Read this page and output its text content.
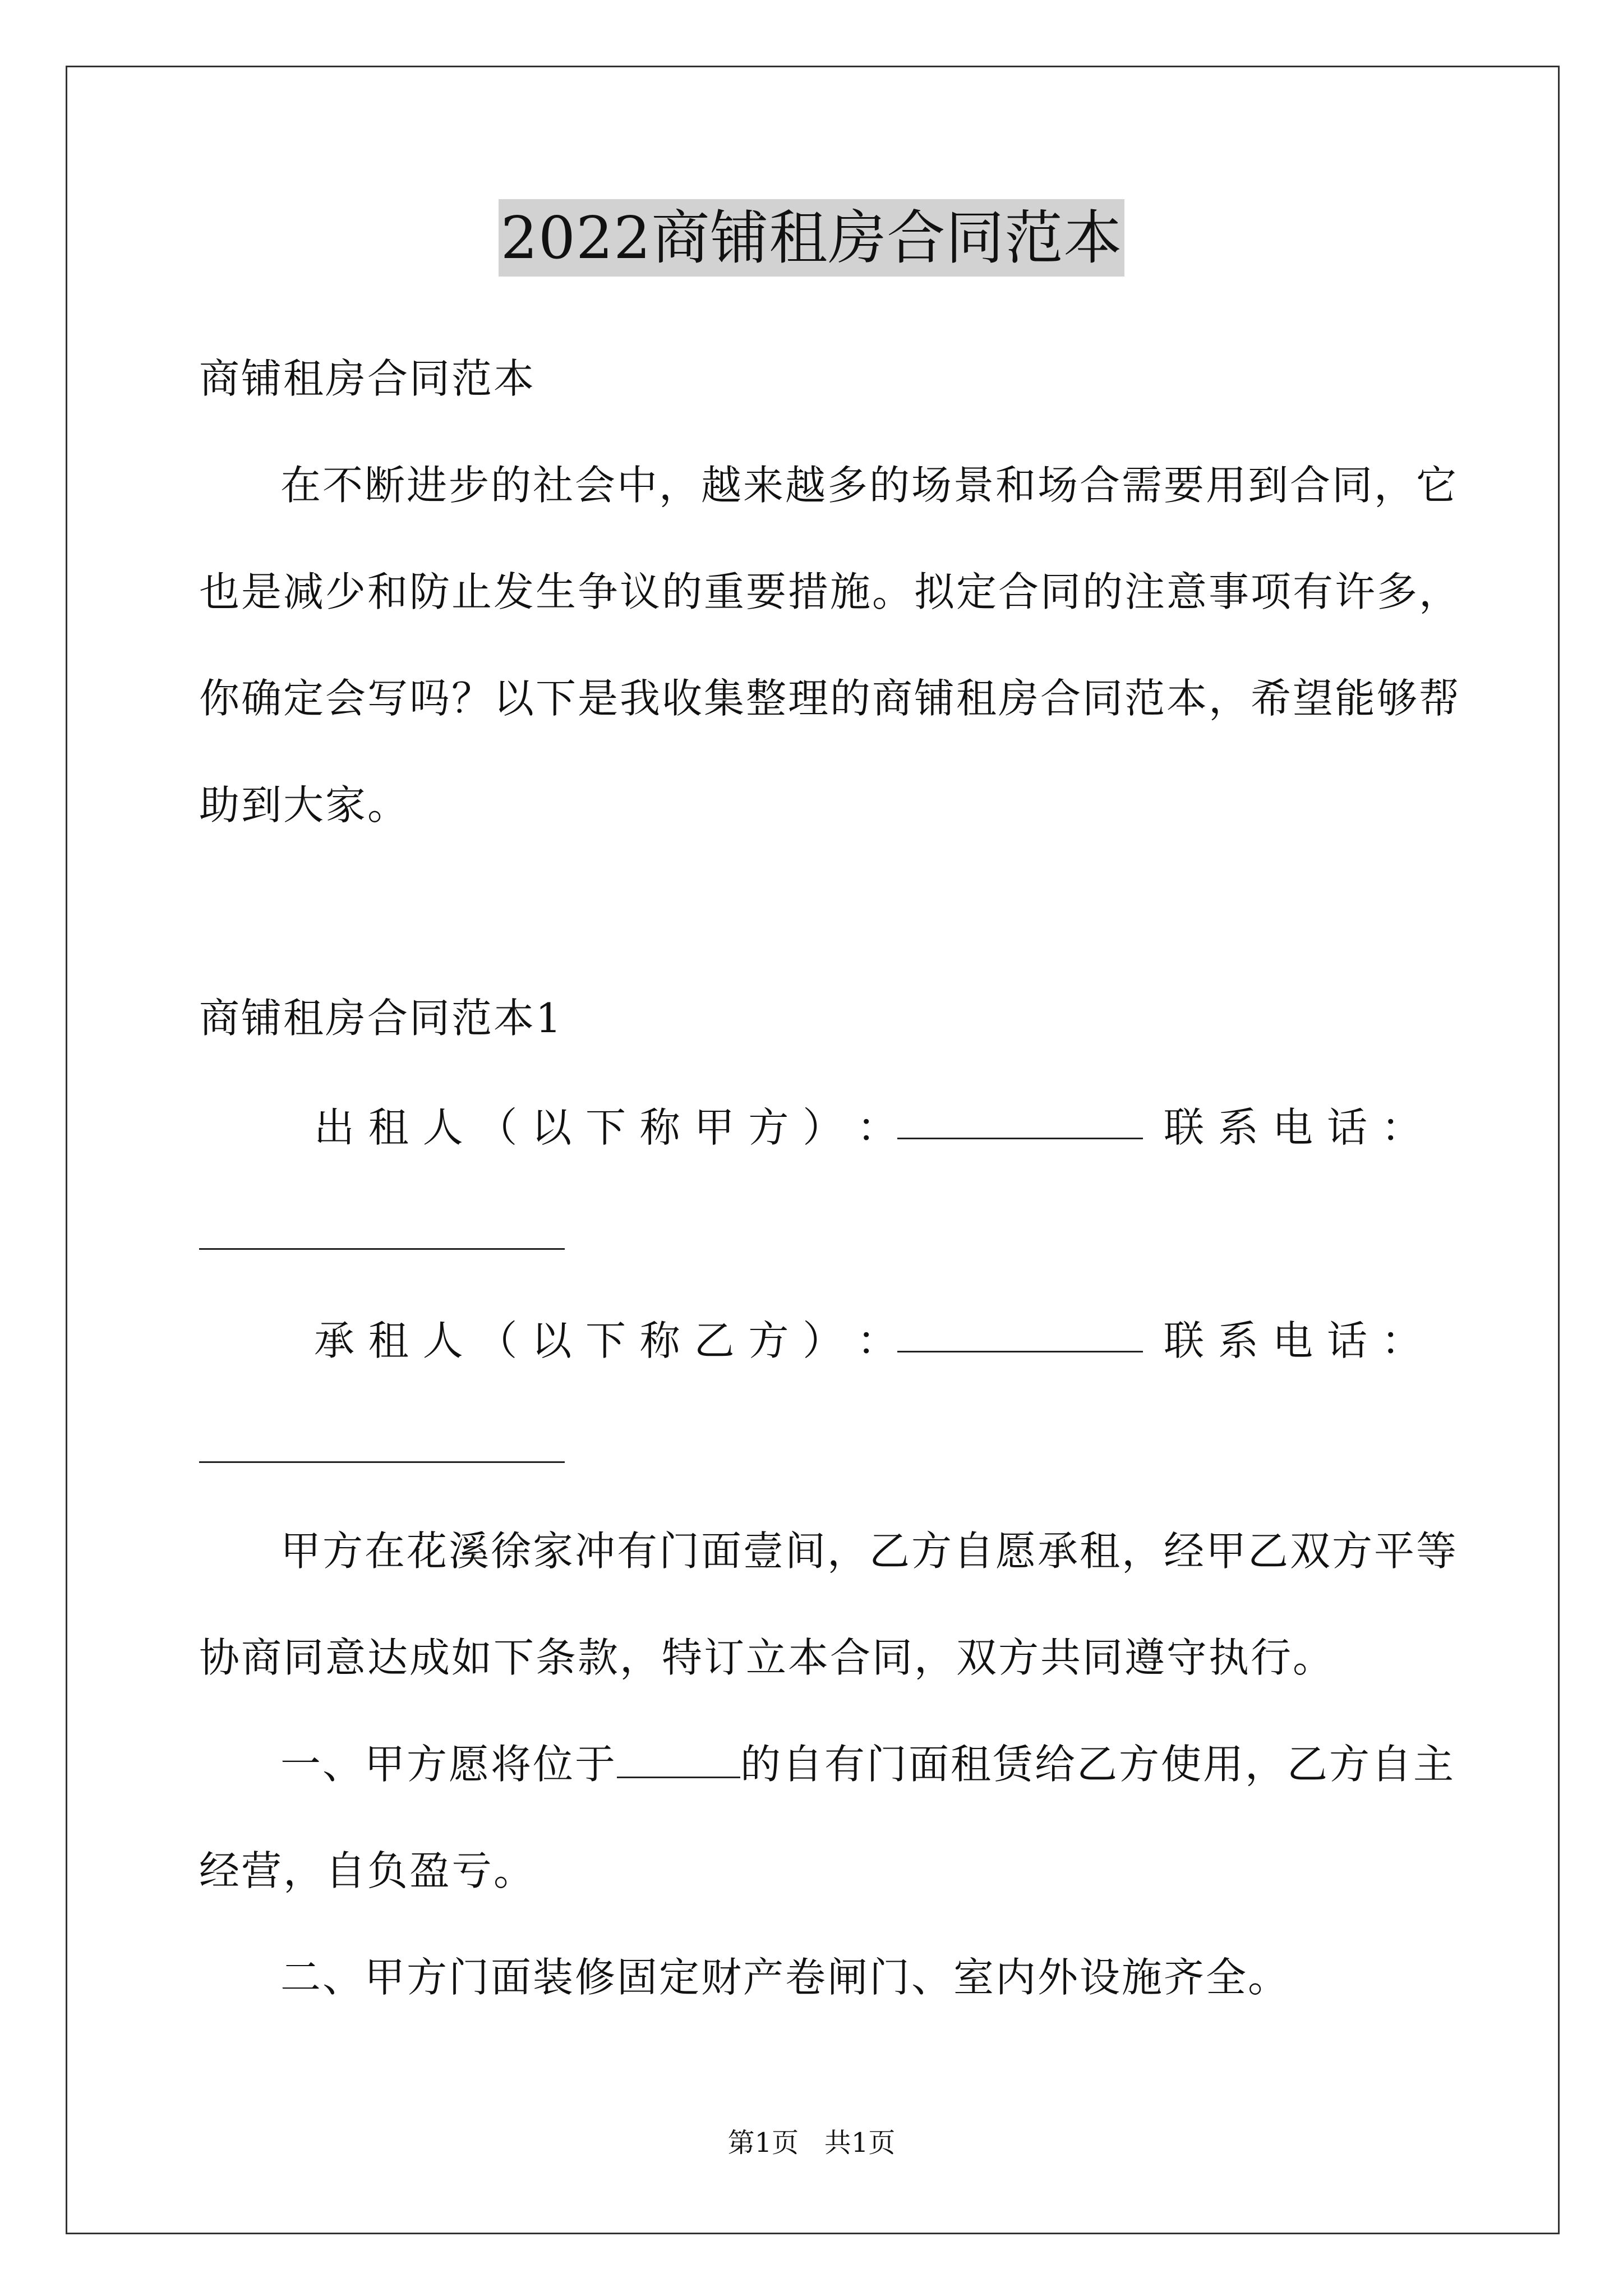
2022商铺租房合同范本
商铺租房合同范本
在不断进步的社会中，越来越多的场景和场合需要用到合同，它
也是减少和防止发生争议的重要措施。拟定合同的注意事项有许多，
你确定会写吗？以下是我收集整理的商铺租房合同范本，希望能够帮
助到大家。
商铺租房合同范本1
出 租 人 （ 以 下 称 甲 方 ） ：	联 系 电 话 ：
承 租 人 （ 以 下 称 乙 方 ） ：	联 系 电 话 ：
甲方在花溪徐家冲有门面壹间，乙方自愿承租，经甲乙双方平等
协商同意达成如下条款，特订立本合同，双方共同遵守执行。
一、甲方愿将位于	的自有门面租赁给乙方使用，乙方自主
经营，自负盈亏。
二、甲方门面装修固定财产卷闸门、室内外设施齐全。
第1页   共1页
